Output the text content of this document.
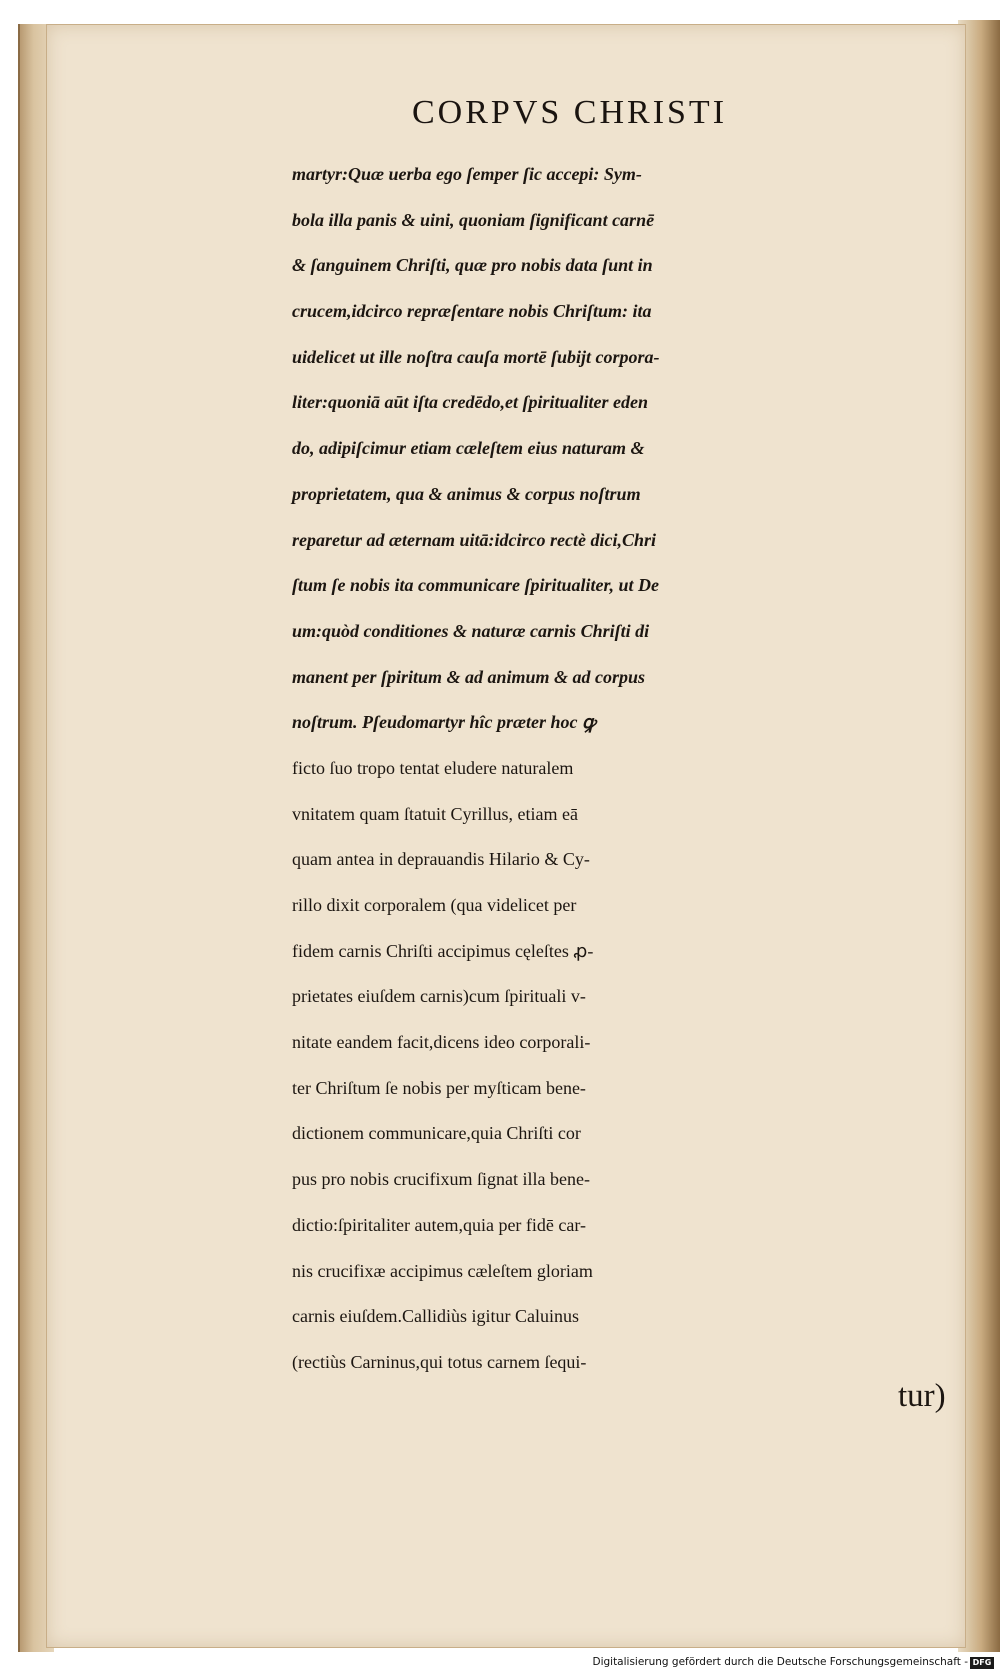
CORPVS CHRISTI
martyr:Quæ uerba ego ſemper ſic accepi: Sym-
bola illa panis & uini, quoniam ſignificant carnē
& ſanguinem Chriſti, quæ pro nobis data ſunt in
crucem,idcirco repræſentare nobis Chriſtum: ita
uidelicet ut ille noſtra cauſa mortē ſubijt corpora-
liter:quoniā aūt iſta credēdo,et ſpiritualiter eden
do, adipiſcimur etiam cæleſtem eius naturam &
proprietatem, qua & animus & corpus noſtrum
reparetur ad æternam uitā:idcirco rectè dici,Chri
ſtum ſe nobis ita communicare ſpiritualiter, ut De
um:quòd conditiones & naturæ carnis Chriſti di
manent per ſpiritum & ad animum & ad corpus
noſtrum. Pſeudomartyr hîc præter hoc ꝙ
ficto ſuo tropo tentat eludere naturalem
vnitatem quam ſtatuit Cyrillus, etiam eā
quam antea in deprauandis Hilario & Cy-
rillo dixit corporalem (qua videlicet per
fidem carnis Chriſti accipimus cęleſtes ꝓ-
prietates eiuſdem carnis)cum ſpirituali v-
nitate eandem facit,dicens ideo corporali-
ter Chriſtum ſe nobis per myſticam bene-
dictionem communicare,quia Chriſti cor
pus pro nobis crucifixum ſignat illa bene-
dictio:ſpiritaliter autem,quia per fidē car-
nis crucifixæ accipimus cæleſtem gloriam
carnis eiuſdem.Callidiùs igitur Caluinus
(rectiùs Carninus,qui totus carnem ſequi-
tur)
Digitalisierung gefördert durch die Deutsche Forschungsgemeinschaft - DFG
